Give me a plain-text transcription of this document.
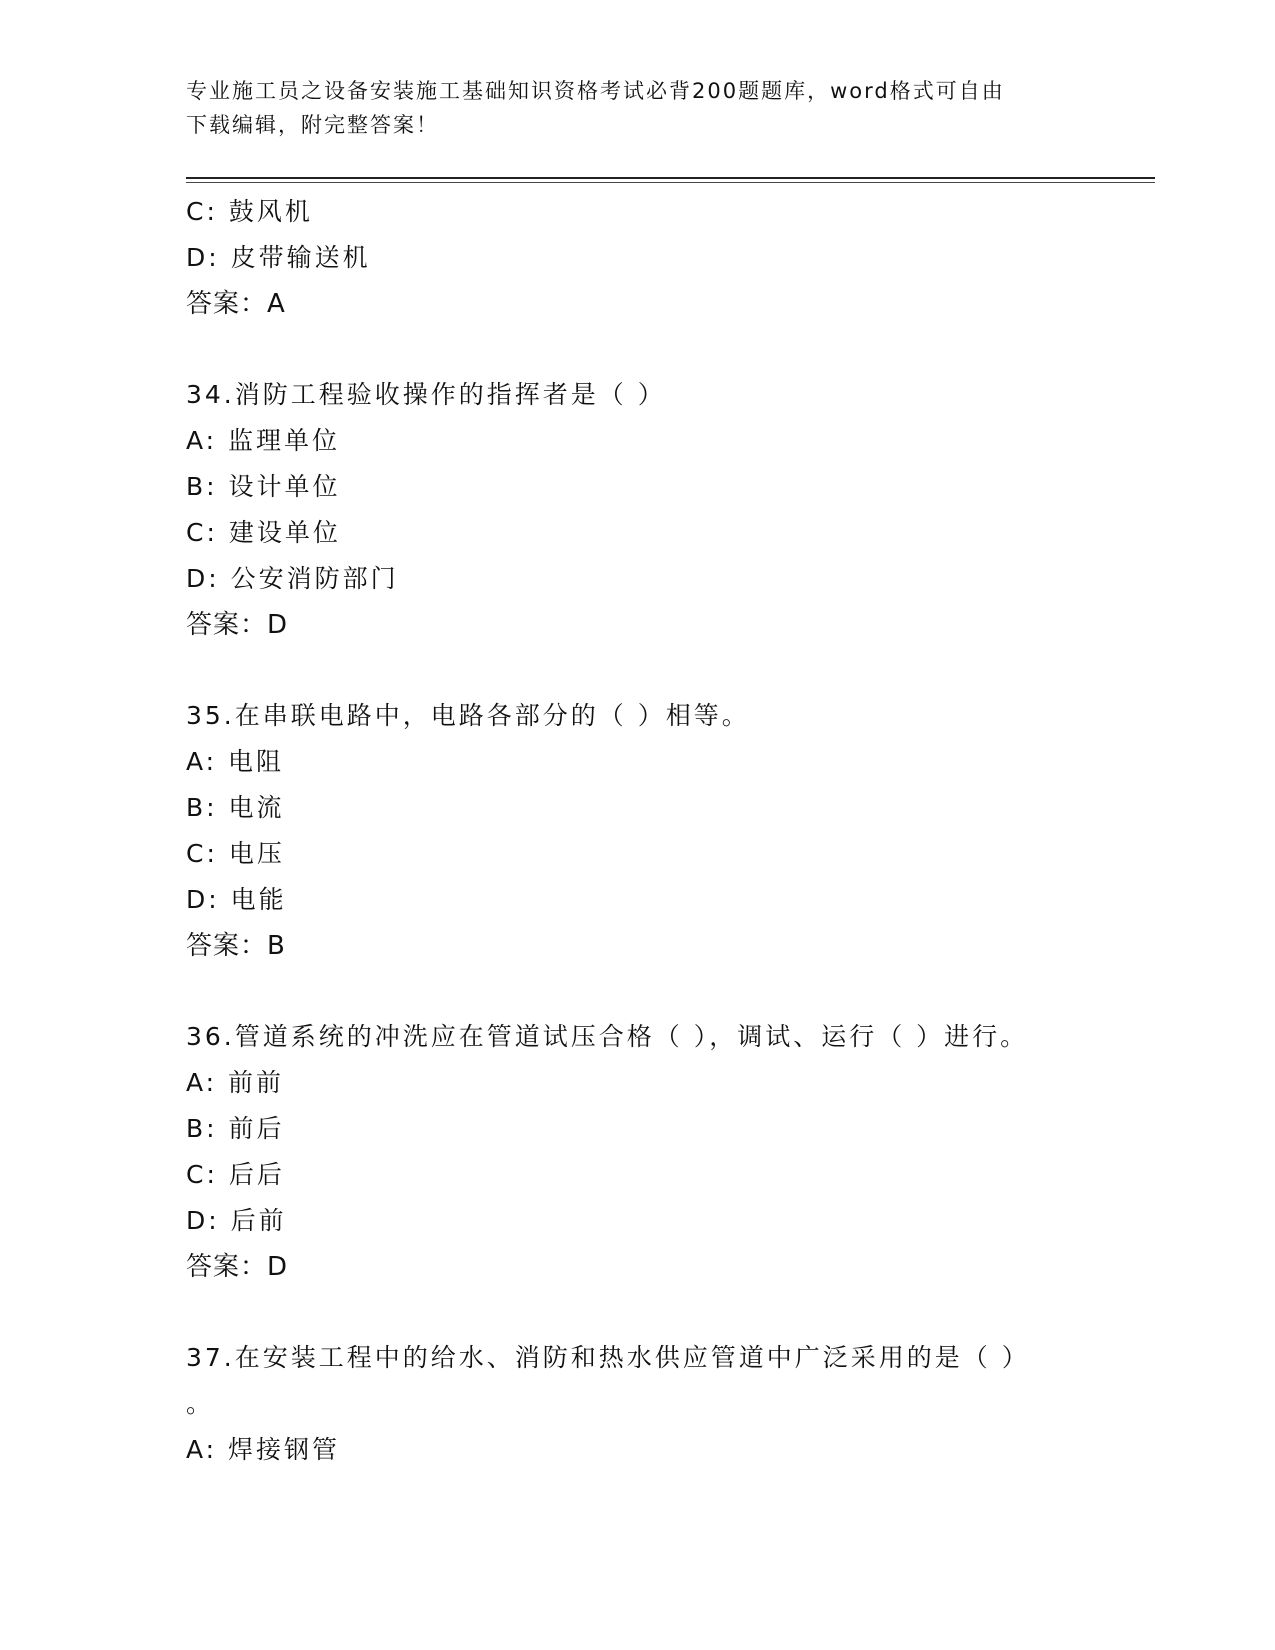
专业施工员之设备安装施工基础知识资格考试必背200题题库，word格式可自由
下载编辑，附完整答案！
C: 鼓风机
D: 皮带输送机
答案：A
34.消防工程验收操作的指挥者是（ ）
A: 监理单位
B: 设计单位
C: 建设单位
D: 公安消防部门
答案：D
35.在串联电路中，电路各部分的（ ）相等。
A: 电阻
B: 电流
C: 电压
D: 电能
答案：B
36.管道系统的冲洗应在管道试压合格（ ），调试、运行（ ）进行。
A: 前前
B: 前后
C: 后后
D: 后前
答案：D
37.在安装工程中的给水、消防和热水供应管道中广泛采用的是（ ）
。
A: 焊接钢管
